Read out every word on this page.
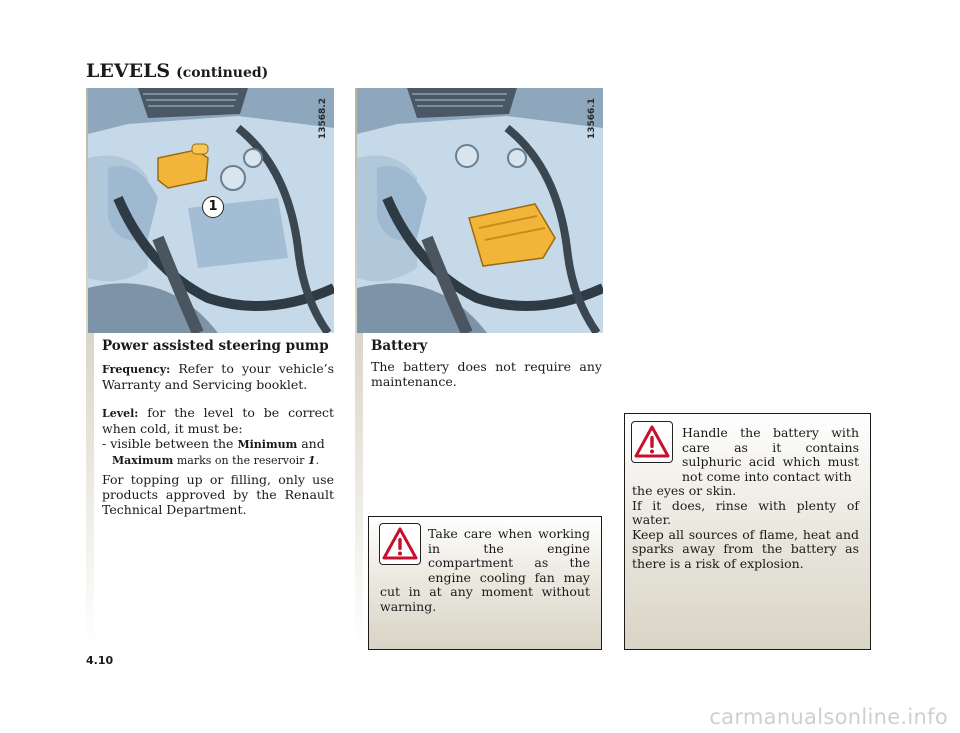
LEVELS (continued)
13568.2
1
13566.1
Power assisted steering pump

Frequency: Refer to your vehicle’s Warranty and Servicing booklet.

Level: for the level to be correct when cold, it must be:

- visible between the Minimum and
Maximum marks on the reservoir 1.

For topping up or filling, only use products approved by the Renault Technical Department.

Battery

The battery does not require any maintenance.

Take care when working in the engine compartment as the engine cooling fan may cut in at any moment without warning.
Handle the battery with care as it contains sulphuric acid which must not come into contact with
the eyes or skin.
If it does, rinse with plenty of water.
Keep all sources of flame, heat and sparks away from the battery as there is a risk of explosion.
4.10
carmanualsonline.info
